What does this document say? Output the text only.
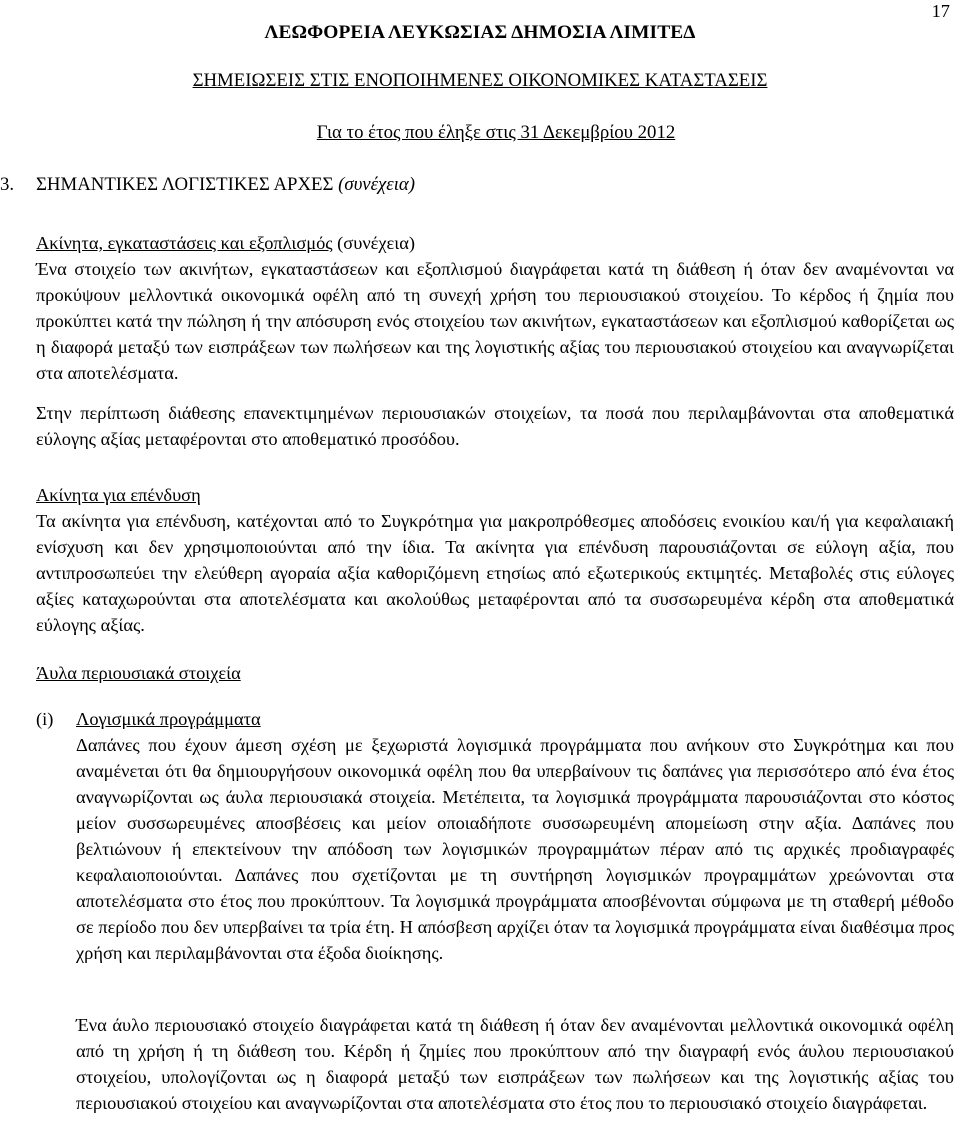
17
ΛΕΩΦΟΡΕΙΑ ΛΕΥΚΩΣΙΑΣ ΔΗΜΟΣΙΑ ΛΙΜΙΤΕΔ
ΣΗΜΕΙΩΣΕΙΣ ΣΤΙΣ ΕΝΟΠΟΙΗΜΕΝΕΣ ΟΙΚΟΝΟΜΙΚΕΣ ΚΑΤΑΣΤΑΣΕΙΣ
Για το έτος που έληξε στις 31 Δεκεμβρίου 2012
3. ΣΗΜΑΝΤΙΚΕΣ ΛΟΓΙΣΤΙΚΕΣ ΑΡΧΕΣ (συνέχεια)
Ακίνητα, εγκαταστάσεις και εξοπλισμός (συνέχεια)

Ένα στοιχείο των ακινήτων, εγκαταστάσεων και εξοπλισμού διαγράφεται κατά τη διάθεση ή όταν δεν αναμένονται να προκύψουν μελλοντικά οικονομικά οφέλη από τη συνεχή χρήση του περιουσιακού στοιχείου. Το κέρδος ή ζημία που προκύπτει κατά την πώληση ή την απόσυρση ενός στοιχείου των ακινήτων, εγκαταστάσεων και εξοπλισμού καθορίζεται ως η διαφορά μεταξύ των εισπράξεων των πωλήσεων και της λογιστικής αξίας του περιουσιακού στοιχείου και αναγνωρίζεται στα αποτελέσματα.

Στην περίπτωση διάθεσης επανεκτιμημένων περιουσιακών στοιχείων, τα ποσά που περιλαμβάνονται στα αποθεματικά εύλογης αξίας μεταφέρονται στο αποθεματικό προσόδου.

Ακίνητα για επένδυση

Τα ακίνητα για επένδυση, κατέχονται από το Συγκρότημα για μακροπρόθεσμες αποδόσεις ενοικίου και/ή για κεφαλαιακή ενίσχυση και δεν χρησιμοποιούνται από την ίδια. Τα ακίνητα για επένδυση παρουσιάζονται σε εύλογη αξία, που αντιπροσωπεύει την ελεύθερη αγοραία αξία καθοριζόμενη ετησίως από εξωτερικούς εκτιμητές. Μεταβολές στις εύλογες αξίες καταχωρούνται στα αποτελέσματα και ακολούθως μεταφέρονται από τα συσσωρευμένα κέρδη στα αποθεματικά εύλογης αξίας.

Άυλα περιουσιακά στοιχεία
(i) Λογισμικά προγράμματα

Δαπάνες που έχουν άμεση σχέση με ξεχωριστά λογισμικά προγράμματα που ανήκουν στο Συγκρότημα και που αναμένεται ότι θα δημιουργήσουν οικονομικά οφέλη που θα υπερβαίνουν τις δαπάνες για περισσότερο από ένα έτος αναγνωρίζονται ως άυλα περιουσιακά στοιχεία. Μετέπειτα, τα λογισμικά προγράμματα παρουσιάζονται στο κόστος μείον συσσωρευμένες αποσβέσεις και μείον οποιαδήποτε συσσωρευμένη απομείωση στην αξία. Δαπάνες που βελτιώνουν ή επεκτείνουν την απόδοση των λογισμικών προγραμμάτων πέραν από τις αρχικές προδιαγραφές κεφαλαιοποιούνται. Δαπάνες που σχετίζονται με τη συντήρηση λογισμικών προγραμμάτων χρεώνονται στα αποτελέσματα στο έτος που προκύπτουν. Τα λογισμικά προγράμματα αποσβένονται σύμφωνα με τη σταθερή μέθοδο σε περίοδο που δεν υπερβαίνει τα τρία έτη. Η απόσβεση αρχίζει όταν τα λογισμικά προγράμματα είναι διαθέσιμα προς χρήση και περιλαμβάνονται στα έξοδα διοίκησης.

Ένα άυλο περιουσιακό στοιχείο διαγράφεται κατά τη διάθεση ή όταν δεν αναμένονται μελλοντικά οικονομικά οφέλη από τη χρήση ή τη διάθεση του. Κέρδη ή ζημίες που προκύπτουν από την διαγραφή ενός άυλου περιουσιακού στοιχείου, υπολογίζονται ως η διαφορά μεταξύ των εισπράξεων των πωλήσεων και της λογιστικής αξίας του περιουσιακού στοιχείου και αναγνωρίζονται στα αποτελέσματα στο έτος που το περιουσιακό στοιχείο διαγράφεται.
